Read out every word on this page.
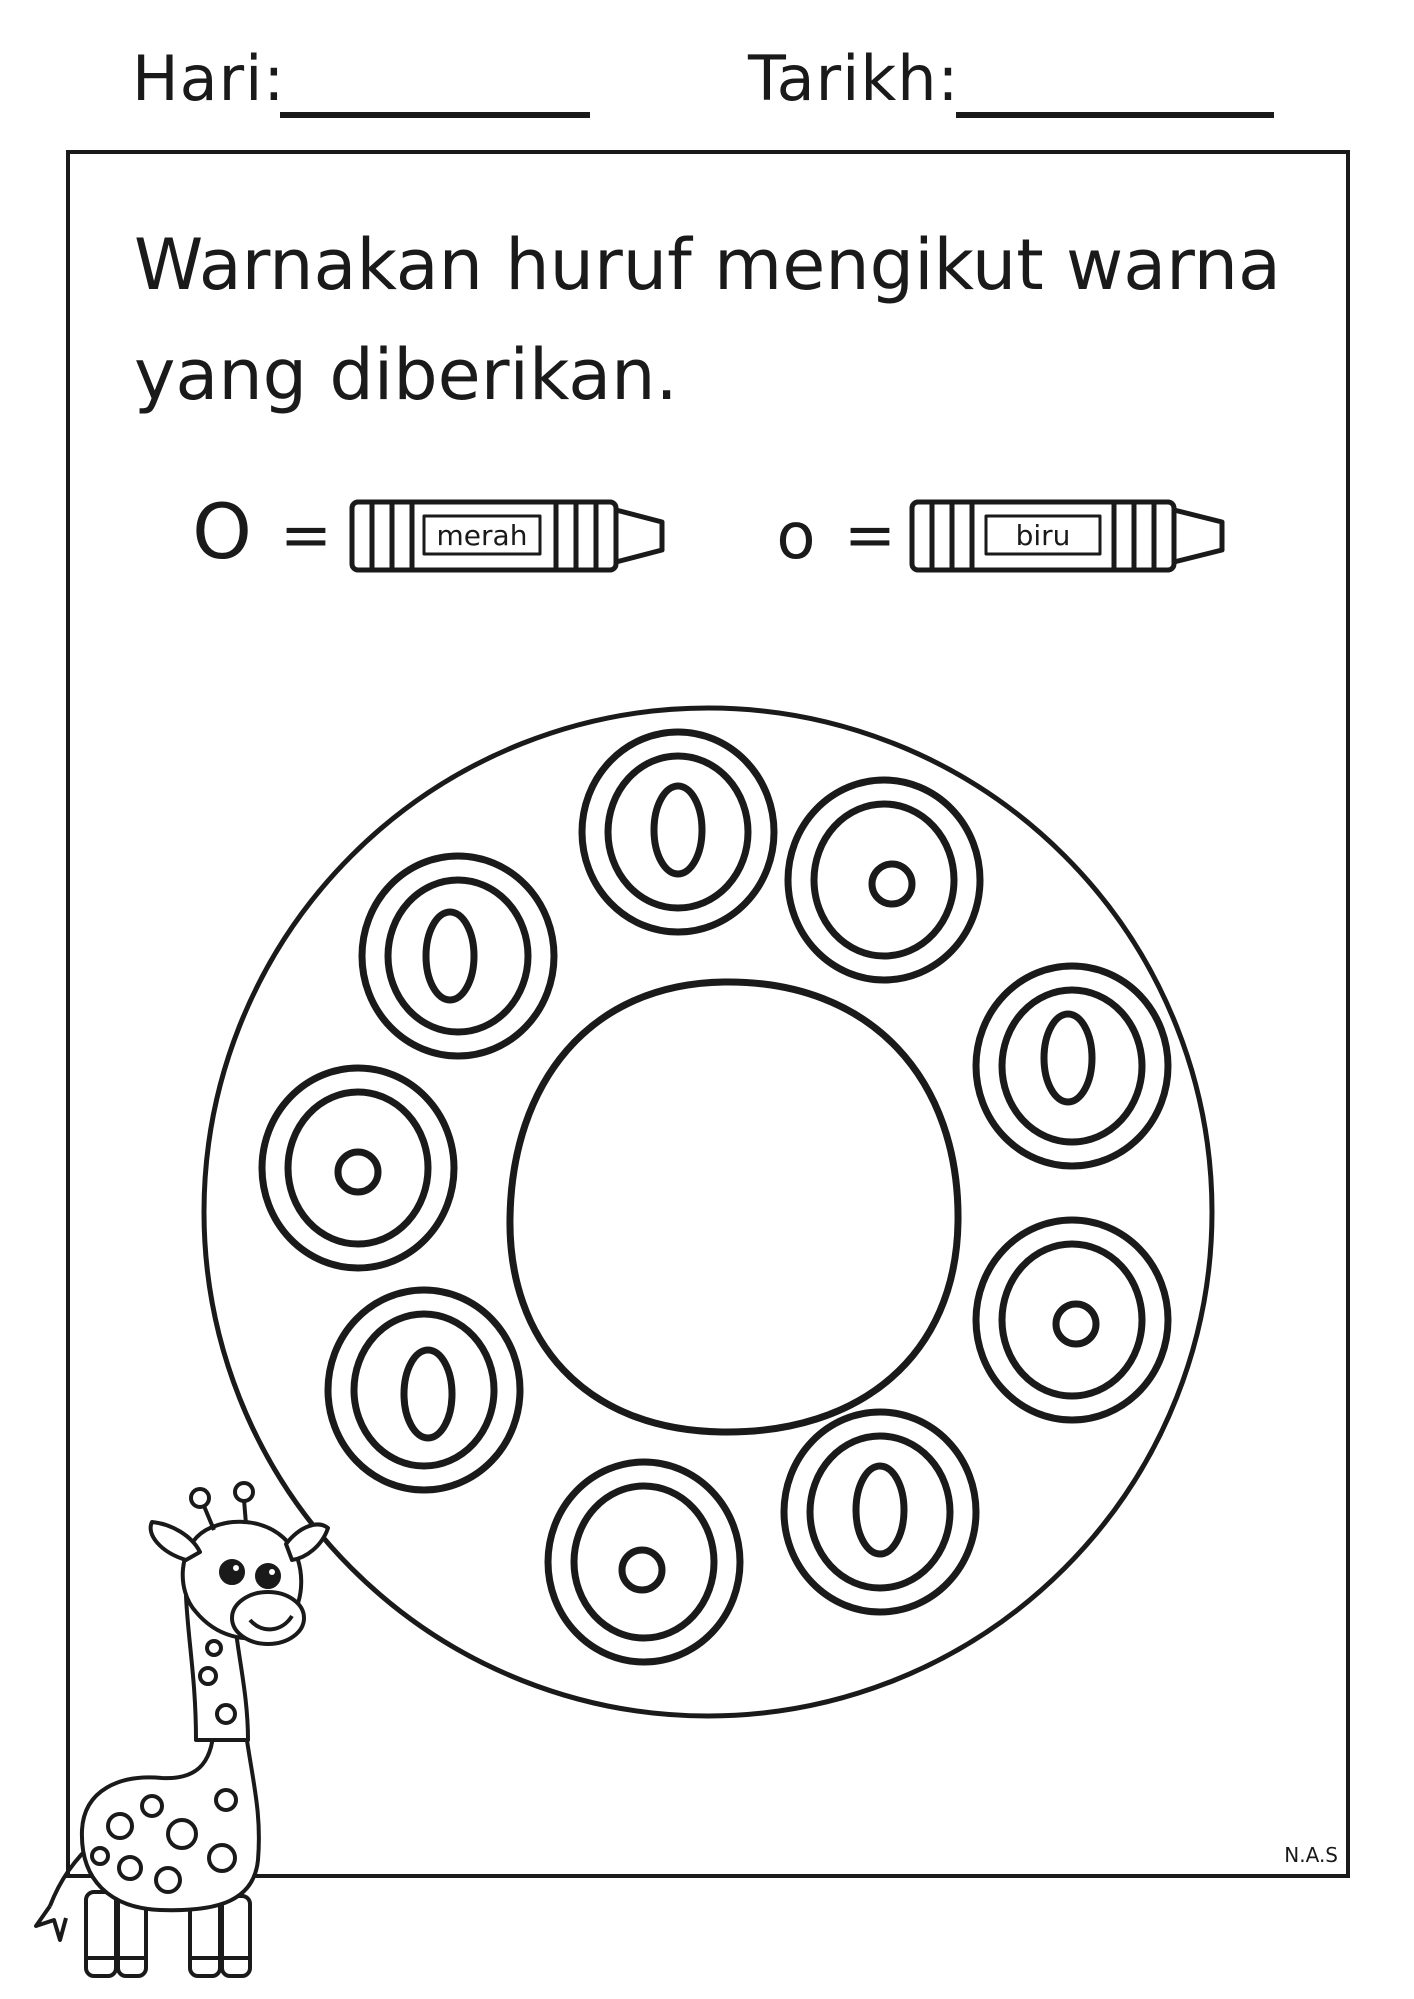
Hari:	Tarikh:
Warnakan huruf mengikut warna yang diberikan.
O =	merah	o =	biru
N.A.S
